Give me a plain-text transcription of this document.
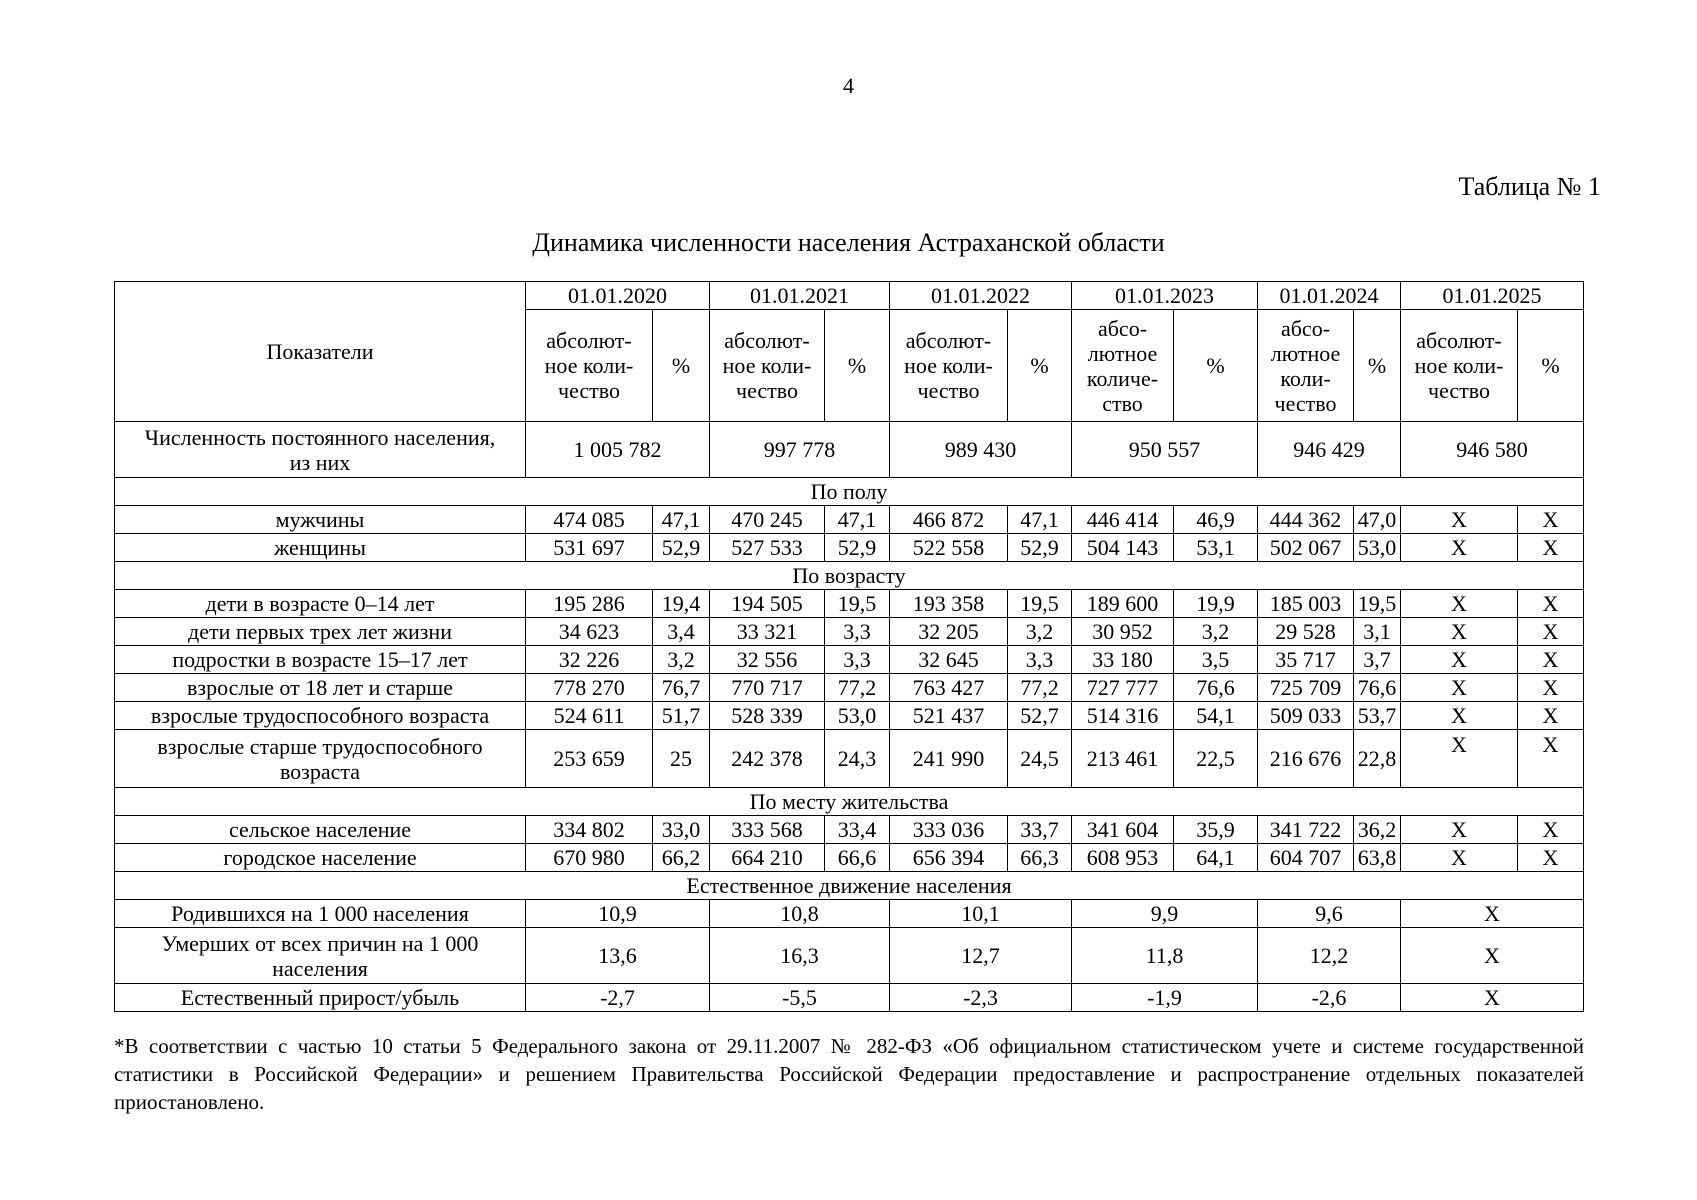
4
Таблица № 1
Динамика численности населения Астраханской области
Показатели	01.01.2020		01.01.2021		01.01.2022		01.01.2023		01.01.2024		01.01.2025	
	абсолют-
ное коли-
чество	%	абсолют-
ное коли-
чество	%	абсолют-
ное коли-
чество	%	абсо-
лютное
количе-
ство	%	абсо-
лютное
коли-
чество	%	абсолют-
ное коли-
чество	%
Численность постоянного населения,
из них	1 005 782		997 778		989 430		950 557		946 429		946 580	
По полу												
мужчины	474 085	47,1	470 245	47,1	466 872	47,1	446 414	46,9	444 362	47,0	X	X
женщины	531 697	52,9	527 533	52,9	522 558	52,9	504 143	53,1	502 067	53,0	X	X
По возрасту												
дети в возрасте 0–14 лет	195 286	19,4	194 505	19,5	193 358	19,5	189 600	19,9	185 003	19,5	X	X
дети первых трех лет жизни	34 623	3,4	33 321	3,3	32 205	3,2	30 952	3,2	29 528	3,1	X	X
подростки в возрасте 15–17 лет	32 226	3,2	32 556	3,3	32 645	3,3	33 180	3,5	35 717	3,7	X	X
взрослые от 18 лет и старше	778 270	76,7	770 717	77,2	763 427	77,2	727 777	76,6	725 709	76,6	X	X
взрослые трудоспособного возраста	524 611	51,7	528 339	53,0	521 437	52,7	514 316	54,1	509 033	53,7	X	X
взрослые старше трудоспособного
возраста	253 659	25	242 378	24,3	241 990	24,5	213 461	22,5	216 676	22,8	X	X
По месту жительства												
сельское население	334 802	33,0	333 568	33,4	333 036	33,7	341 604	35,9	341 722	36,2	X	X
городское население	670 980	66,2	664 210	66,6	656 394	66,3	608 953	64,1	604 707	63,8	X	X
Естественное движение населения												
Родившихся на 1 000 населения	10,9		10,8		10,1		9,9		9,6		X	
Умерших от всех причин на 1 000
населения	13,6		16,3		12,7		11,8		12,2		X	
Естественный прирост/убыль	-2,7		-5,5		-2,3		-1,9		-2,6		X	
*В соответствии с частью 10 статьи 5 Федерального закона от 29.11.2007 № 282-ФЗ «Об официальном статистическом учете и системе государственной статистики в Российской Федерации» и решением Правительства Российской Федерации предоставление и распространение отдельных показателей приостановлено.
